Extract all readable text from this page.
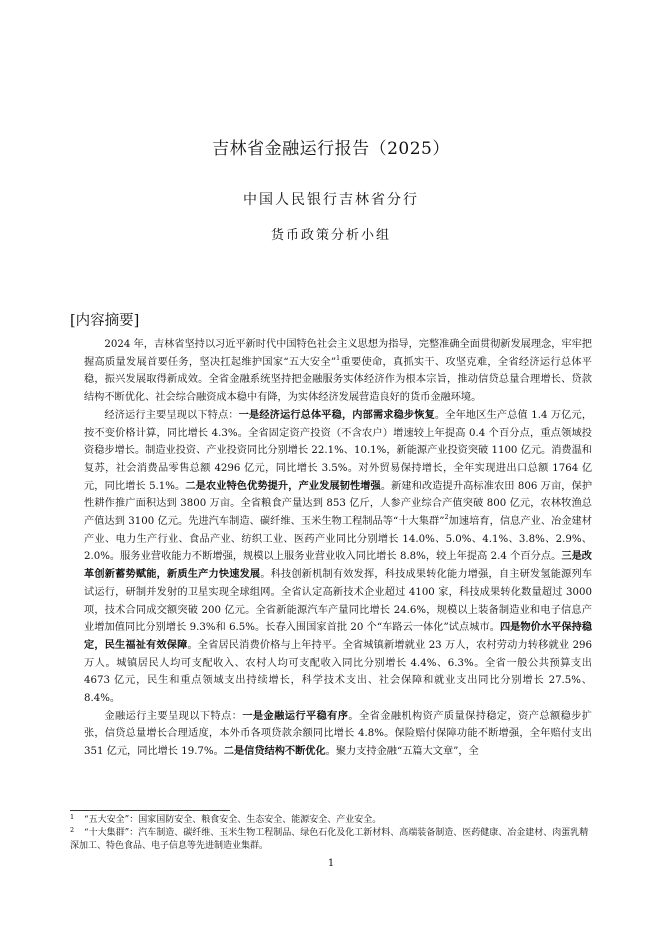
吉林省金融运行报告（2025）
中国人民银行吉林省分行
货币政策分析小组
[内容摘要]

2024 年，吉林省坚持以习近平新时代中国特色社会主义思想为指导，完整准确全面贯彻新发展理念，牢牢把握高质量发展首要任务，坚决扛起维护国家“五大安全”$^1$重要使命，真抓实干、攻坚克难，全省经济运行总体平稳，振兴发展取得新成效。全省金融系统坚持把金融服务实体经济作为根本宗旨，推动信贷总量合理增长、贷款结构不断优化、社会综合融资成本稳中有降，为实体经济发展营造良好的货币金融环境。

经济运行主要呈现以下特点：一是经济运行总体平稳，内部需求稳步恢复。全年地区生产总值 1.4 万亿元，按不变价格计算，同比增长 4.3%。全省固定资产投资（不含农户）增速较上年提高 0.4 个百分点，重点领域投资稳步增长。制造业投资、产业投资同比分别增长 22.1%、10.1%，新能源产业投资突破 1100 亿元。消费温和复苏，社会消费品零售总额 4296 亿元，同比增长 3.5%。对外贸易保持增长，全年实现进出口总额 1764 亿元，同比增长 5.1%。二是农业特色优势提升，产业发展韧性增强。新建和改造提升高标准农田 806 万亩，保护性耕作推广面积达到 3800 万亩。全省粮食产量达到 853 亿斤，人参产业综合产值突破 800 亿元，农林牧渔总产值达到 3100 亿元。先进汽车制造、碳纤维、玉米生物工程制品等“十大集群”$^2$加速培育，信息产业、冶金建材产业、电力生产行业、食品产业、纺织工业、医药产业同比分别增长 14.0%、5.0%、4.1%、3.8%、2.9%、2.0%。服务业营收能力不断增强，规模以上服务业营业收入同比增长 8.8%，较上年提高 2.4 个百分点。三是改革创新蓄势赋能，新质生产力快速发展。科技创新机制有效发挥，科技成果转化能力增强，自主研发氢能源列车试运行，研制并发射的卫星实现全球组网。全省认定高新技术企业超过 4100 家，科技成果转化数量超过 3000 项，技术合同成交额突破 200 亿元。全省新能源汽车产量同比增长 24.6%，规模以上装备制造业和电子信息产业增加值同比分别增长 9.3%和 6.5%。长春入围国家首批 20 个“车路云一体化”试点城市。四是物价水平保持稳定，民生福祉有效保障。全省居民消费价格与上年持平。全省城镇新增就业 23 万人，农村劳动力转移就业 296 万人。城镇居民人均可支配收入、农村人均可支配收入同比分别增长 4.4%、6.3%。全省一般公共预算支出 4673 亿元，民生和重点领域支出持续增长，科学技术支出、社会保障和就业支出同比分别增长 27.5%、8.4%。

金融运行主要呈现以下特点：一是金融运行平稳有序。全省金融机构资产质量保持稳定，资产总额稳步扩张，信贷总量增长合理适度，本外币各项贷款余额同比增长 4.8%。保险赔付保障功能不断增强，全年赔付支出 351 亿元，同比增长 19.7%。二是信贷结构不断优化。聚力支持金融“五篇大文章”，全

1 “五大安全”：国家国防安全、粮食安全、生态安全、能源安全、产业安全。

2 “十大集群”：汽车制造、碳纤维、玉米生物工程制品、绿色石化及化工新材料、高端装备制造、医药健康、冶金建材、肉蛋乳精深加工、特色食品、电子信息等先进制造业集群。

1
